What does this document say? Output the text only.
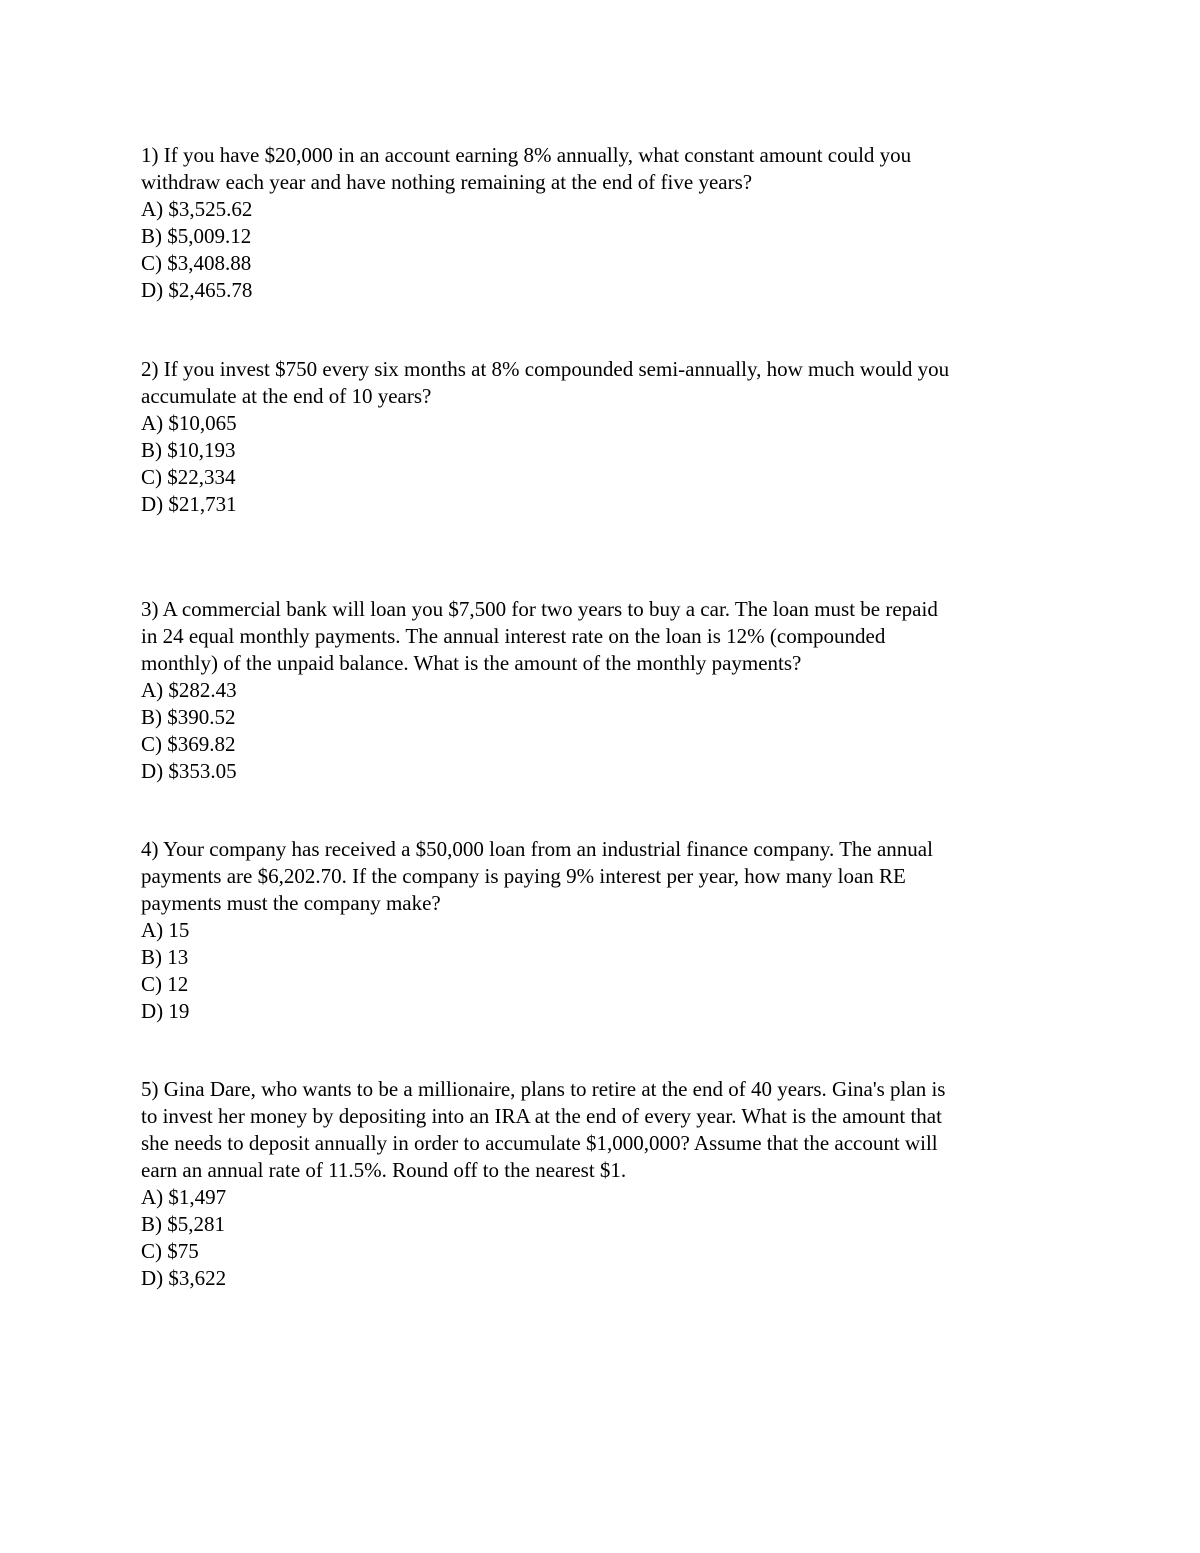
1) If you have $20,000 in an account earning 8% annually, what constant amount could you
withdraw each year and have nothing remaining at the end of five years?

A) $3,525.62
B) $5,009.12
C) $3,408.88
D) $2,465.78

2) If you invest $750 every six months at 8% compounded semi-annually, how much would you
accumulate at the end of 10 years?

A) $10,065
B) $10,193
C) $22,334
D) $21,731

3) A commercial bank will loan you $7,500 for two years to buy a car. The loan must be repaid
in 24 equal monthly payments. The annual interest rate on the loan is 12% (compounded
monthly) of the unpaid balance. What is the amount of the monthly payments?

A) $282.43
B) $390.52
C) $369.82
D) $353.05

4) Your company has received a $50,000 loan from an industrial finance company. The annual
payments are $6,202.70. If the company is paying 9% interest per year, how many loan RE
payments must the company make?

A) 15
B) 13
C) 12
D) 19

5) Gina Dare, who wants to be a millionaire, plans to retire at the end of 40 years. Gina's plan is
to invest her money by depositing into an IRA at the end of every year. What is the amount that
she needs to deposit annually in order to accumulate $1,000,000? Assume that the account will
earn an annual rate of 11.5%. Round off to the nearest $1.

A) $1,497
B) $5,281
C) $75
D) $3,622
